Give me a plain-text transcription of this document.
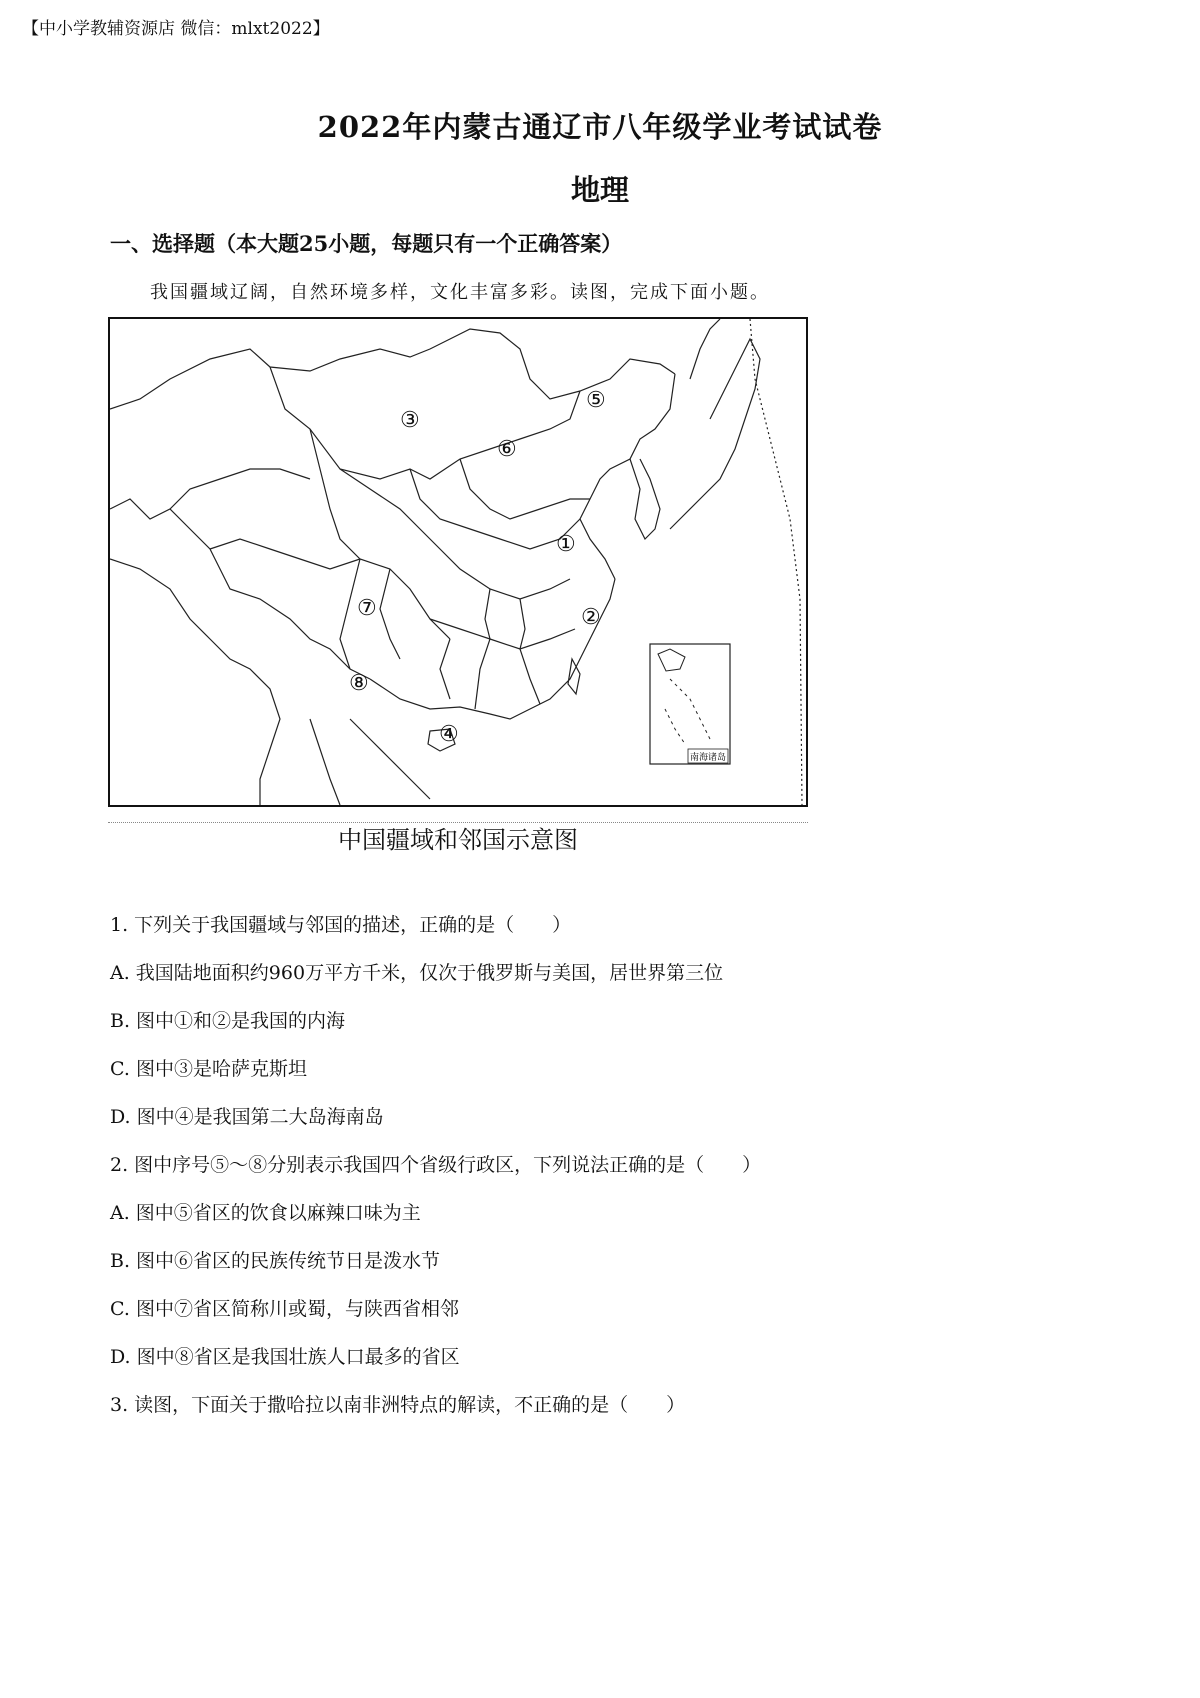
【中小学教辅资源店 微信：mlxt2022】
2022年内蒙古通辽市八年级学业考试试卷
地理
一、选择题（本大题25小题，每题只有一个正确答案）
我国疆域辽阔，自然环境多样，文化丰富多彩。读图，完成下面小题。
南海诸岛
①
②
③
④
⑤
⑥
⑦
⑧
中国疆域和邻国示意图
1. 下列关于我国疆域与邻国的描述，正确的是（　　）
A. 我国陆地面积约960万平方千米，仅次于俄罗斯与美国，居世界第三位
B. 图中①和②是我国的内海
C. 图中③是哈萨克斯坦
D. 图中④是我国第二大岛海南岛
2. 图中序号⑤～⑧分别表示我国四个省级行政区，下列说法正确的是（　　）
A. 图中⑤省区的饮食以麻辣口味为主
B. 图中⑥省区的民族传统节日是泼水节
C. 图中⑦省区简称川或蜀，与陕西省相邻
D. 图中⑧省区是我国壮族人口最多的省区
3. 读图，下面关于撒哈拉以南非洲特点的解读，不正确的是（　　）
